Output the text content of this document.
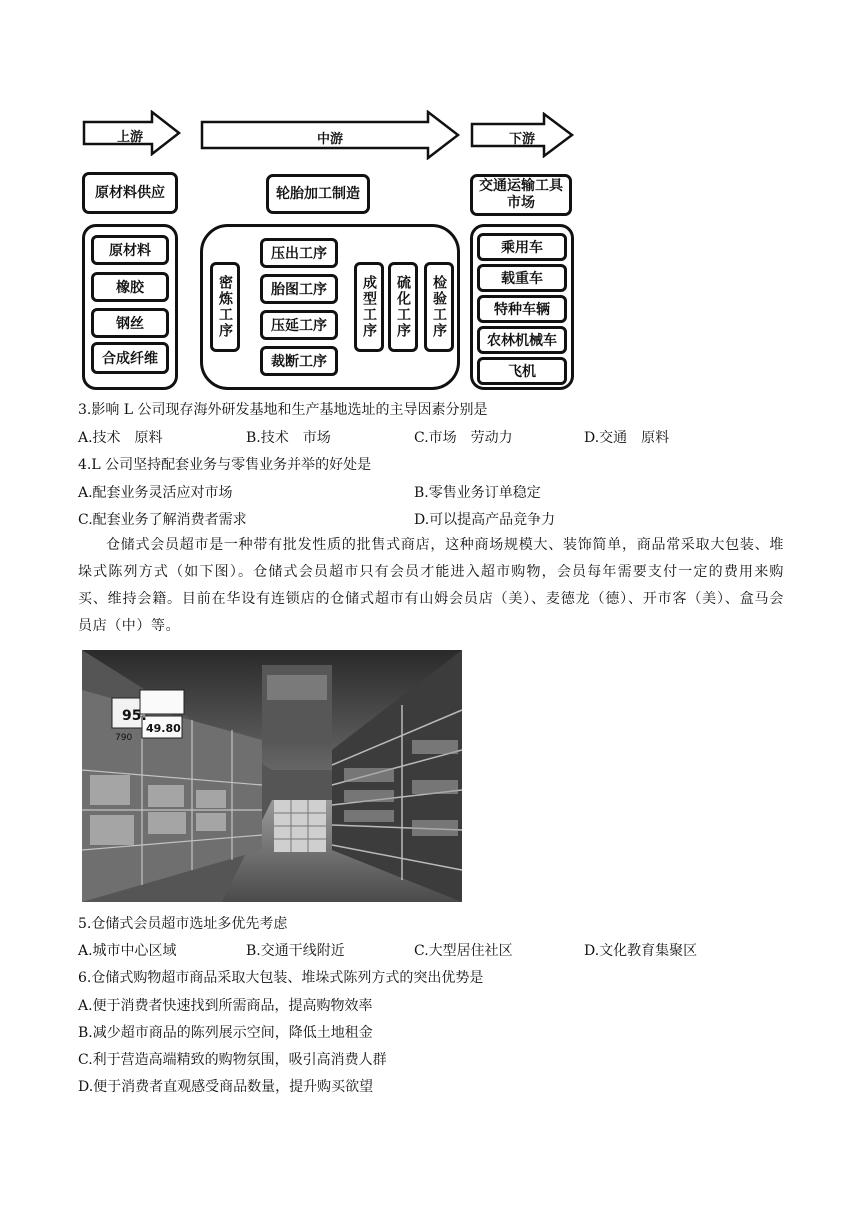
上游	中游	下游
原材料供应	轮胎加工制造	交通运输工具
市场
原材料
橡胶
钢丝
合成纤维
密炼工序
压出工序
胎图工序
压延工序
裁断工序
成型工序	硫化工序	检验工序
乘用车
载重车
特种车辆
农林机械车
飞机
3.影响 L 公司现存海外研发基地和生产基地选址的主导因素分别是
A.技术　原料	B.技术　市场	C.市场　劳动力	D.交通　原料
4.L 公司坚持配套业务与零售业务并举的好处是
A.配套业务灵活应对市场	B.零售业务订单稳定
C.配套业务了解消费者需求	D.可以提高产品竞争力
仓储式会员超市是一种带有批发性质的批售式商店，这种商场规模大、装饰简单，商品常采取大包装、堆垛式陈列方式（如下图）。仓储式会员超市只有会员才能进入超市购物，会员每年需要支付一定的费用来购买、维持会籍。目前在华设有连锁店的仓储式超市有山姆会员店（美）、麦德龙（德）、开市客（美）、盒马会员店（中）等。
95.
49.80
790
5.仓储式会员超市选址多优先考虑
A.城市中心区域	B.交通干线附近	C.大型居住社区	D.文化教育集聚区
6.仓储式购物超市商品采取大包装、堆垛式陈列方式的突出优势是
A.便于消费者快速找到所需商品，提高购物效率
B.减少超市商品的陈列展示空间，降低土地租金
C.利于营造高端精致的购物氛围，吸引高消费人群
D.便于消费者直观感受商品数量，提升购买欲望
